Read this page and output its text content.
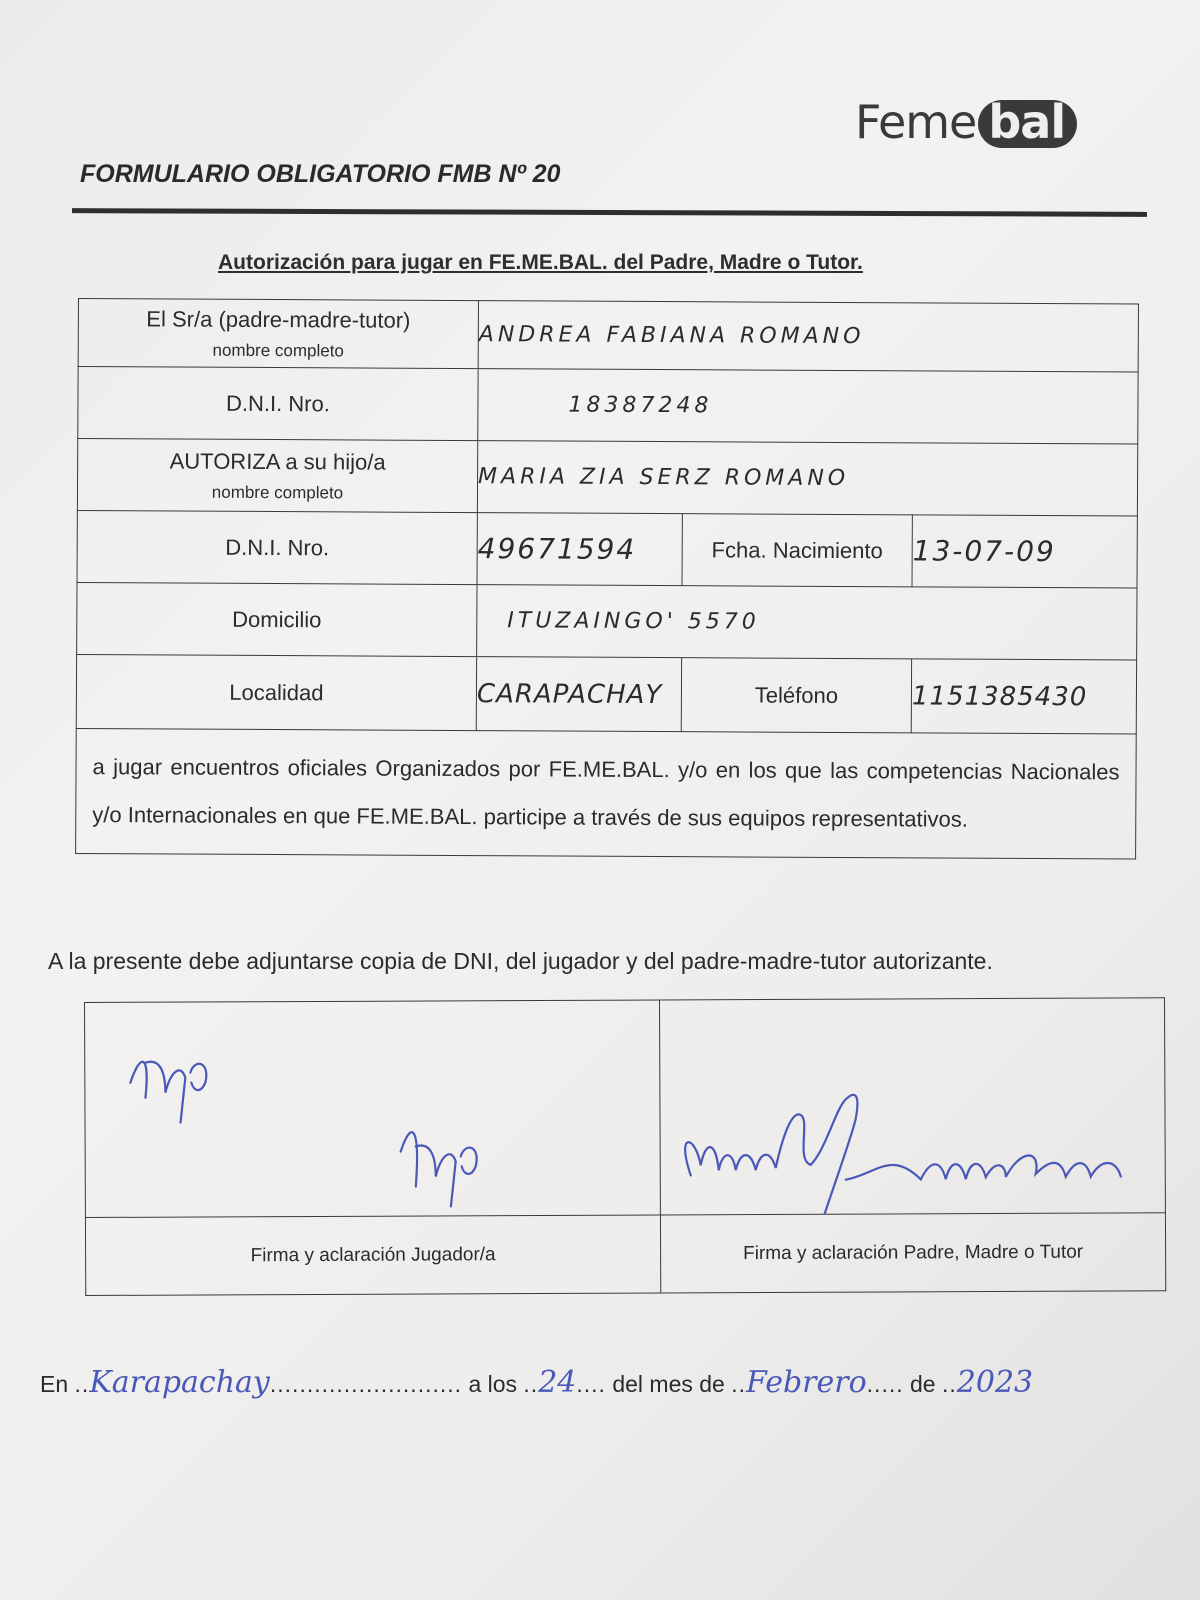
Feme bal
FORMULARIO OBLIGATORIO FMB Nº 20
Autorización para jugar en FE.ME.BAL. del Padre, Madre o Tutor.
El Sr/a (padre-madre-tutor)
nombre completo	ANDREA FABIANA ROMANO		
D.N.I. Nro.	18387248		
AUTORIZA a su hijo/a
nombre completo	MARIA ZIA SERZ ROMANO		
D.N.I. Nro.	49671594	Fcha. Nacimiento	13-07-09
Domicilio	ITUZAINGO' 5570		
Localidad	CARAPACHAY	Teléfono	1151385430
a jugar encuentros oficiales Organizados por FE.ME.BAL. y/o en los que las competencias Nacionales y/o Internacionales en que FE.ME.BAL. participe a través de sus equipos representativos.			
A la presente debe adjuntarse copia de DNI, del jugador y del padre-madre-tutor autorizante.

Firma y aclaración Jugador/a	Firma y aclaración Padre, Madre o Tutor
En ..Karapachay.......................... a los ..24.... del mes de ..Febrero..... de ..2023
